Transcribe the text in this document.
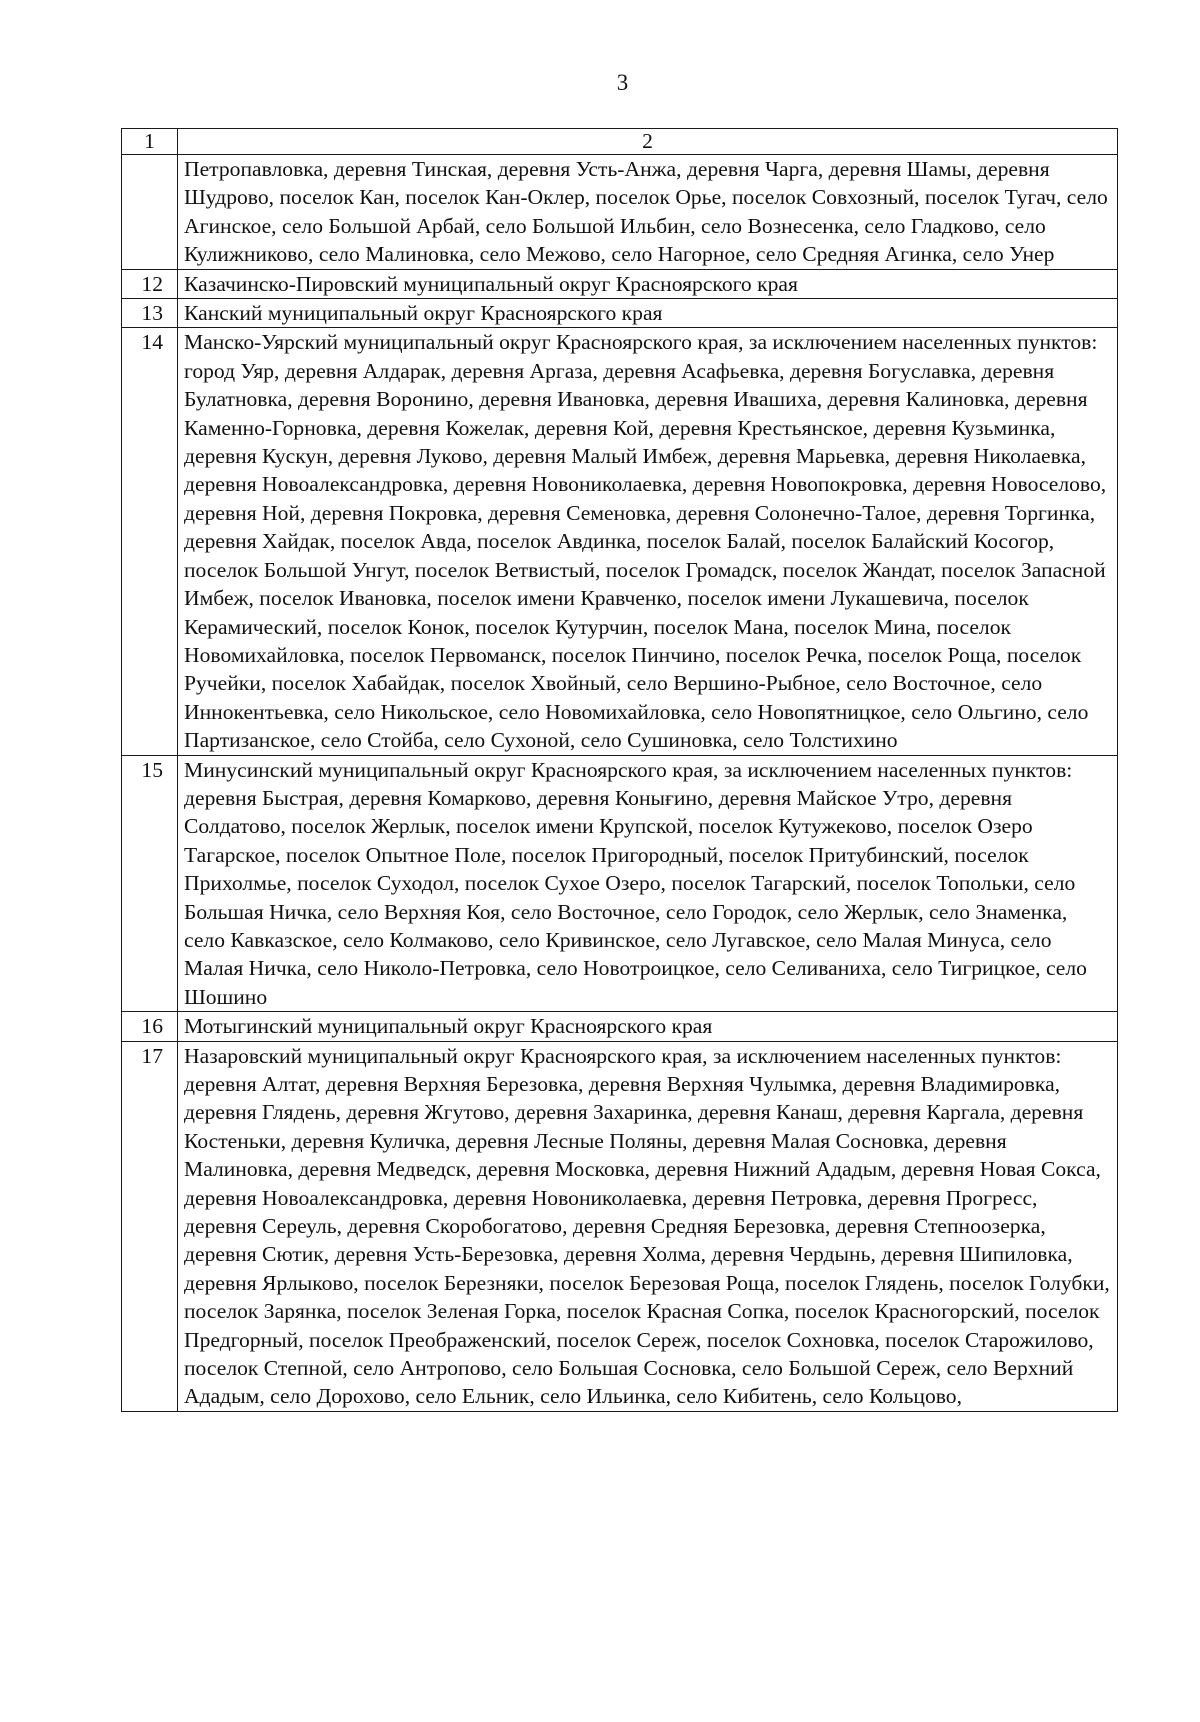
3
1	2
	Петропавловка, деревня Тинская, деревня Усть-Анжа, деревня Чарга, деревня Шамы, деревня Шудрово, поселок Кан, поселок Кан-Оклер, поселок Орье, поселок Совхозный, поселок Тугач, село Агинское, село Большой Арбай, село Большой Ильбин, село Вознесенка, село Гладково, село Кулижниково, село Малиновка, село Межово, село Нагорное, село Средняя Агинка, село Унер
12	Казачинско-Пировский муниципальный округ Красноярского края
13	Канский муниципальный округ Красноярского края
14	Манско-Уярский муниципальный округ Красноярского края, за исключением населенных пунктов: город Уяр, деревня Алдарак, деревня Аргаза, деревня Асафьевка, деревня Богуславка, деревня Булатновка, деревня Воронино, деревня Ивановка, деревня Ивашиха, деревня Калиновка, деревня Каменно-Горновка, деревня Кожелак, деревня Кой, деревня Крестьянское, деревня Кузьминка, деревня Кускун, деревня Луково, деревня Малый Имбеж, деревня Марьевка, деревня Николаевка, деревня Новоалександровка, деревня Новониколаевка, деревня Новопокровка, деревня Новоселово, деревня Ной, деревня Покровка, деревня Семеновка, деревня Солонечно-Талое, деревня Торгинка, деревня Хайдак, поселок Авда, поселок Авдинка, поселок Балай, поселок Балайский Косогор, поселок Большой Унгут, поселок Ветвистый, поселок Громадск, поселок Жандат, поселок Запасной Имбеж, поселок Ивановка, поселок имени Кравченко, поселок имени Лукашевича, поселок Керамический, поселок Конок, поселок Кутурчин, поселок Мана, поселок Мина, поселок Новомихайловка, поселок Первоманск, поселок Пинчино, поселок Речка, поселок Роща, поселок Ручейки, поселок Хабайдак, поселок Хвойный, село Вершино-Рыбное, село Восточное, село Иннокентьевка, село Никольское, село Новомихайловка, село Новопятницкое, село Ольгино, село Партизанское, село Стойба, село Сухоной, село Сушиновка, село Толстихино
15	Минусинский муниципальный округ Красноярского края, за исключением населенных пунктов: деревня Быстрая, деревня Комарково, деревня Конығино, деревня Майское Утро, деревня Солдатово, поселок Жерлык, поселок имени Крупской, поселок Кутужеково, поселок Озеро Тагарское, поселок Опытное Поле, поселок Пригородный, поселок Притубинский, поселок Прихолмье, поселок Суходол, поселок Сухое Озеро, поселок Тагарский, поселок Топольки, село Большая Ничка, село Верхняя Коя, село Восточное, село Городок, село Жерлык, село Знаменка, село Кавказское, село Колмаково, село Кривинское, село Лугавское, село Малая Минуса, село Малая Ничка, село Николо-Петровка, село Новотроицкое, село Селиваниха, село Тигрицкое, село Шошино
16	Мотыгинский муниципальный округ Красноярского края
17	Назаровский муниципальный округ Красноярского края, за исключением населенных пунктов: деревня Алтат, деревня Верхняя Березовка, деревня Верхняя Чулымка, деревня Владимировка, деревня Глядень, деревня Жгутово, деревня Захаринка, деревня Канаш, деревня Каргала, деревня Костеньки, деревня Куличка, деревня Лесные Поляны, деревня Малая Сосновка, деревня Малиновка, деревня Медведск, деревня Московка, деревня Нижний Ададым, деревня Новая Сокса, деревня Новоалександровка, деревня Новониколаевка, деревня Петровка, деревня Прогресс, деревня Сереуль, деревня Скоробогатово, деревня Средняя Березовка, деревня Степноозерка, деревня Сютик, деревня Усть-Березовка, деревня Холма, деревня Чердынь, деревня Шипиловка, деревня Ярлыково, поселок Березняки, поселок Березовая Роща, поселок Глядень, поселок Голубки, поселок Зарянка, поселок Зеленая Горка, поселок Красная Сопка, поселок Красногорский, поселок Предгорный, поселок Преображенский, поселок Сереж, поселок Сохновка, поселок Старожилово, поселок Степной, село Антропово, село Большая Сосновка, село Большой Сереж, село Верхний Ададым, село Дорохово, село Ельник, село Ильинка, село Кибитень, село Кольцово,
